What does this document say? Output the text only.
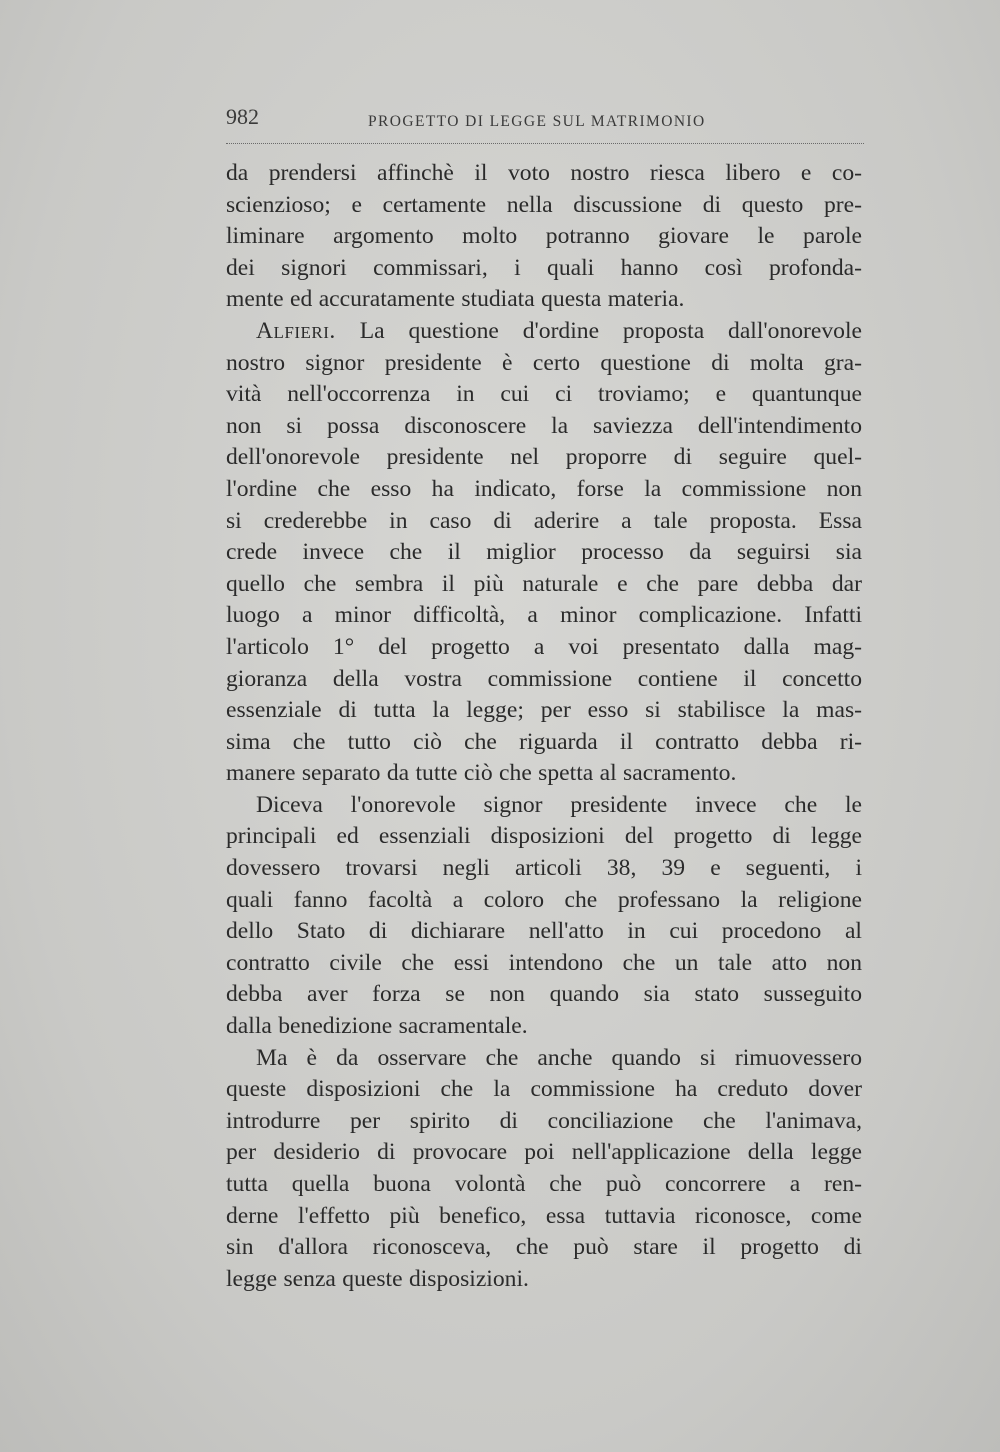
982	PROGETTO DI LEGGE SUL MATRIMONIO
da prendersi affinchè il voto nostro riesca libero e co-
scienzioso; e certamente nella discussione di questo pre-
liminare argomento molto potranno giovare le parole
dei signori commissari, i quali hanno così profonda-
mente ed accuratamente studiata questa materia.
Alfieri. La questione d'ordine proposta dall'onorevole
nostro signor presidente è certo questione di molta gra-
vità nell'occorrenza in cui ci troviamo; e quantunque
non si possa disconoscere la saviezza dell'intendimento
dell'onorevole presidente nel proporre di seguire quel-
l'ordine che esso ha indicato, forse la commissione non
si crederebbe in caso di aderire a tale proposta. Essa
crede invece che il miglior processo da seguirsi sia
quello che sembra il più naturale e che pare debba dar
luogo a minor difficoltà, a minor complicazione. Infatti
l'articolo 1° del progetto a voi presentato dalla mag-
gioranza della vostra commissione contiene il concetto
essenziale di tutta la legge; per esso si stabilisce la mas-
sima che tutto ciò che riguarda il contratto debba ri-
manere separato da tutte ciò che spetta al sacramento.
Diceva l'onorevole signor presidente invece che le
principali ed essenziali disposizioni del progetto di legge
dovessero trovarsi negli articoli 38, 39 e seguenti, i
quali fanno facoltà a coloro che professano la religione
dello Stato di dichiarare nell'atto in cui procedono al
contratto civile che essi intendono che un tale atto non
debba aver forza se non quando sia stato susseguito
dalla benedizione sacramentale.
Ma è da osservare che anche quando si rimuovessero
queste disposizioni che la commissione ha creduto dover
introdurre per spirito di conciliazione che l'animava,
per desiderio di provocare poi nell'applicazione della legge
tutta quella buona volontà che può concorrere a ren-
derne l'effetto più benefico, essa tuttavia riconosce, come
sin d'allora riconosceva, che può stare il progetto di
legge senza queste disposizioni.
